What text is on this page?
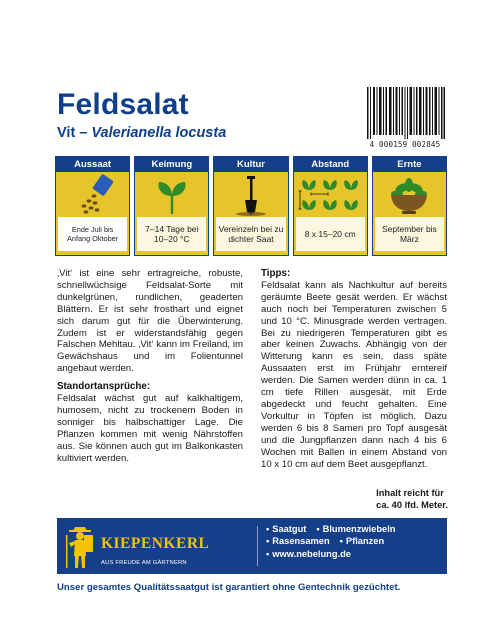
Feldsalat
Vit – Valerianella locusta
4 000159 002845
Aussaat
Ende Juli bis Anfang Oktober
Keimung
7–14 Tage bei 10–20 °C
Kultur
Vereinzeln bei zu dichter Saat
Abstand
8 x 15–20 cm
Ernte
September bis März
‚Vit‘ ist eine sehr ertragreiche, robuste, schnellwüchsige Feldsalat-Sorte mit dunkelgrünen, rundlichen, geaderten Blättern. Er ist sehr frosthart und eignet sich darum gut für die Überwinterung. Zudem ist er widerstandsfähig gegen Falschen Mehltau. ‚Vit‘ kann im Freiland, im Gewächshaus und im Folientunnel angebaut werden.
Standortansprüche:
Feldsalat wächst gut auf kalkhaltigem, humosem, nicht zu trockenem Boden in sonniger bis halbschattiger Lage. Die Pflanzen kommen mit wenig Nährstoffen aus. Sie können auch gut im Balkonkasten kultiviert werden.
Tipps:
Feldsalat kann als Nachkultur auf bereits geräumte Beete gesät werden. Er wächst auch noch bei Temperaturen zwischen 5 und 10 °C. Minusgrade werden vertragen. Bei zu niedrigeren Temperaturen gibt es aber keinen Zuwachs. Abhängig von der Witterung kann es sein, dass späte Aussaaten erst im Frühjahr erntereif werden. Die Samen werden dünn in ca. 1 cm tiefe Rillen ausgesät, mit Erde abgedeckt und feucht gehalten. Eine Vorkultur in Töpfen ist möglich. Dazu werden 6 bis 8 Samen pro Topf ausgesät und die Jungpflanzen dann nach 4 bis 6 Wochen mit Ballen in einem Abstand von 10 x 10 cm auf dem Beet ausgepflanzt.
Inhalt reicht für
ca. 40 lfd. Meter.
KIEPENKERL
AUS FREUDE AM GÄRTNERN
• Saatgut • Blumenzwiebeln
• Rasensamen • Pflanzen
• www.nebelung.de
Unser gesamtes Qualitätssaatgut ist garantiert ohne Gentechnik gezüchtet.
